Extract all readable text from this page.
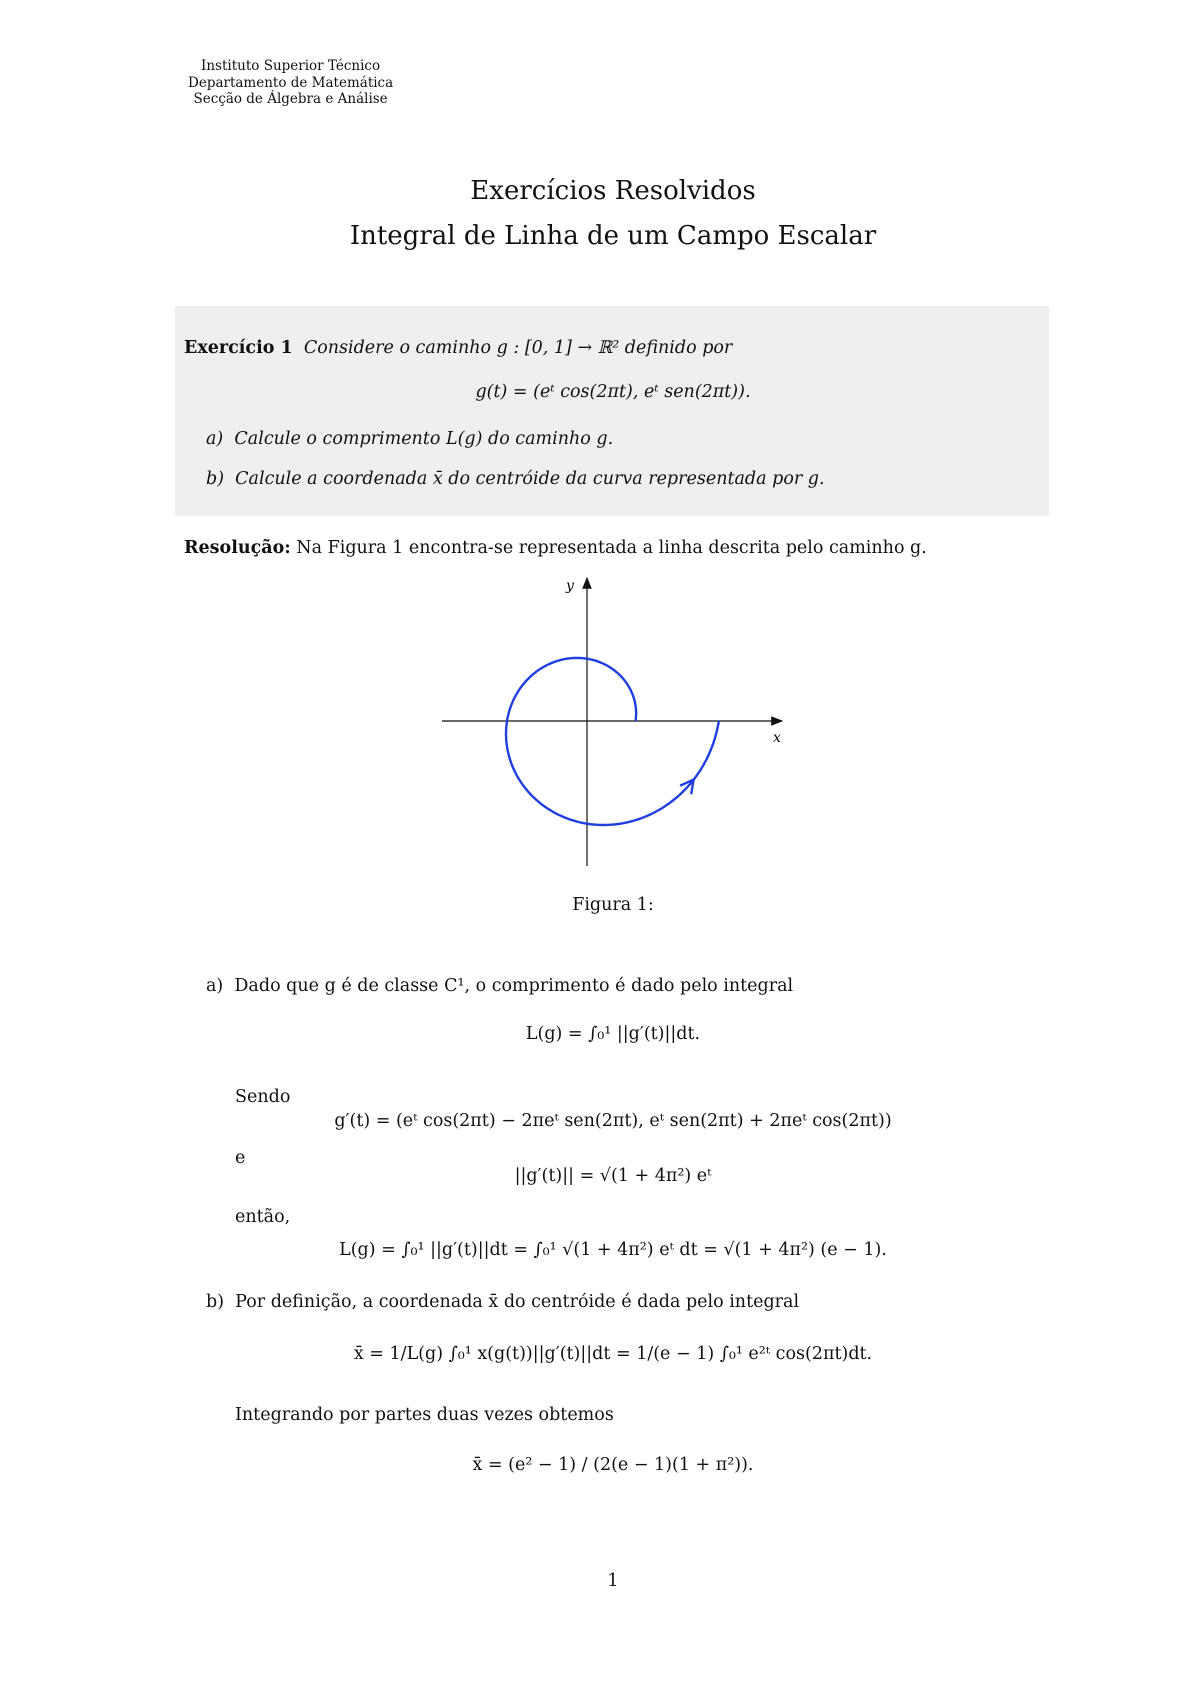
Instituto Superior Técnico
Departamento de Matemática
Secção de Álgebra e Análise
Exercícios Resolvidos
Integral de Linha de um Campo Escalar
Exercício 1 Considere o caminho g : [0, 1] → ℝ² definido por
g(t) = (eᵗ cos(2πt), eᵗ sen(2πt)).
a) Calcule o comprimento L(g) do caminho g.
b) Calcule a coordenada x̄ do centróide da curva representada por g.
Resolução: Na Figura 1 encontra-se representada a linha descrita pelo caminho g.
x
y
Figura 1:
a) Dado que g é de classe C¹, o comprimento é dado pelo integral
L(g) = ∫₀¹ ||g′(t)||dt.
Sendo
g′(t) = (eᵗ cos(2πt) − 2πeᵗ sen(2πt), eᵗ sen(2πt) + 2πeᵗ cos(2πt))
e
||g′(t)|| = √(1 + 4π²) eᵗ
então,
L(g) = ∫₀¹ ||g′(t)||dt = ∫₀¹ √(1 + 4π²) eᵗ dt = √(1 + 4π²) (e − 1).
b) Por definição, a coordenada x̄ do centróide é dada pelo integral
x̄ = 1/L(g) ∫₀¹ x(g(t))||g′(t)||dt = 1/(e − 1) ∫₀¹ e²ᵗ cos(2πt)dt.
Integrando por partes duas vezes obtemos
x̄ = (e² − 1) / (2(e − 1)(1 + π²)).
1
